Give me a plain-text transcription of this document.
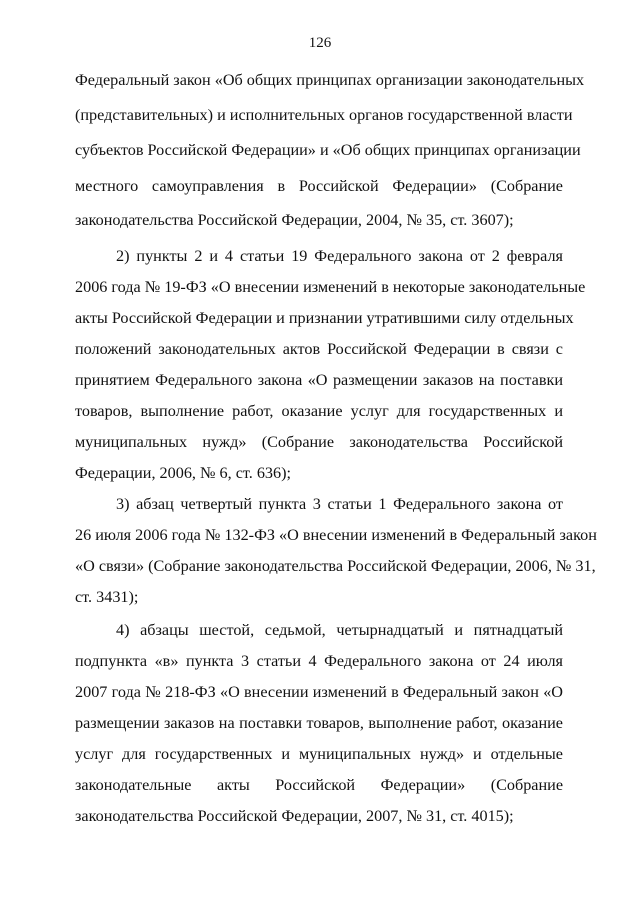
126
Федеральный закон «Об общих принципах организации законодательных
(представительных) и исполнительных органов государственной власти
субъектов Российской Федерации» и «Об общих принципах организации
местного самоуправления в Российской Федерации» (Собрание
законодательства Российской Федерации, 2004, № 35, ст. 3607);
2) пункты 2 и 4 статьи 19 Федерального закона от 2 февраля
2006 года № 19-ФЗ «О внесении изменений в некоторые законодательные
акты Российской Федерации и признании утратившими силу отдельных
положений законодательных актов Российской Федерации в связи с
принятием Федерального закона «О размещении заказов на поставки
товаров, выполнение работ, оказание услуг для государственных и
муниципальных нужд» (Собрание законодательства Российской
Федерации, 2006, № 6, ст. 636);
3) абзац четвертый пункта 3 статьи 1 Федерального закона от
26 июля 2006 года № 132-ФЗ «О внесении изменений в Федеральный закон
«О связи» (Собрание законодательства Российской Федерации, 2006, № 31,
ст. 3431);
4) абзацы шестой, седьмой, четырнадцатый и пятнадцатый
подпункта «в» пункта 3 статьи 4 Федерального закона от 24 июля
2007 года № 218-ФЗ «О внесении изменений в Федеральный закон «О
размещении заказов на поставки товаров, выполнение работ, оказание
услуг для государственных и муниципальных нужд» и отдельные
законодательные акты Российской Федерации» (Собрание
законодательства Российской Федерации, 2007, № 31, ст. 4015);
